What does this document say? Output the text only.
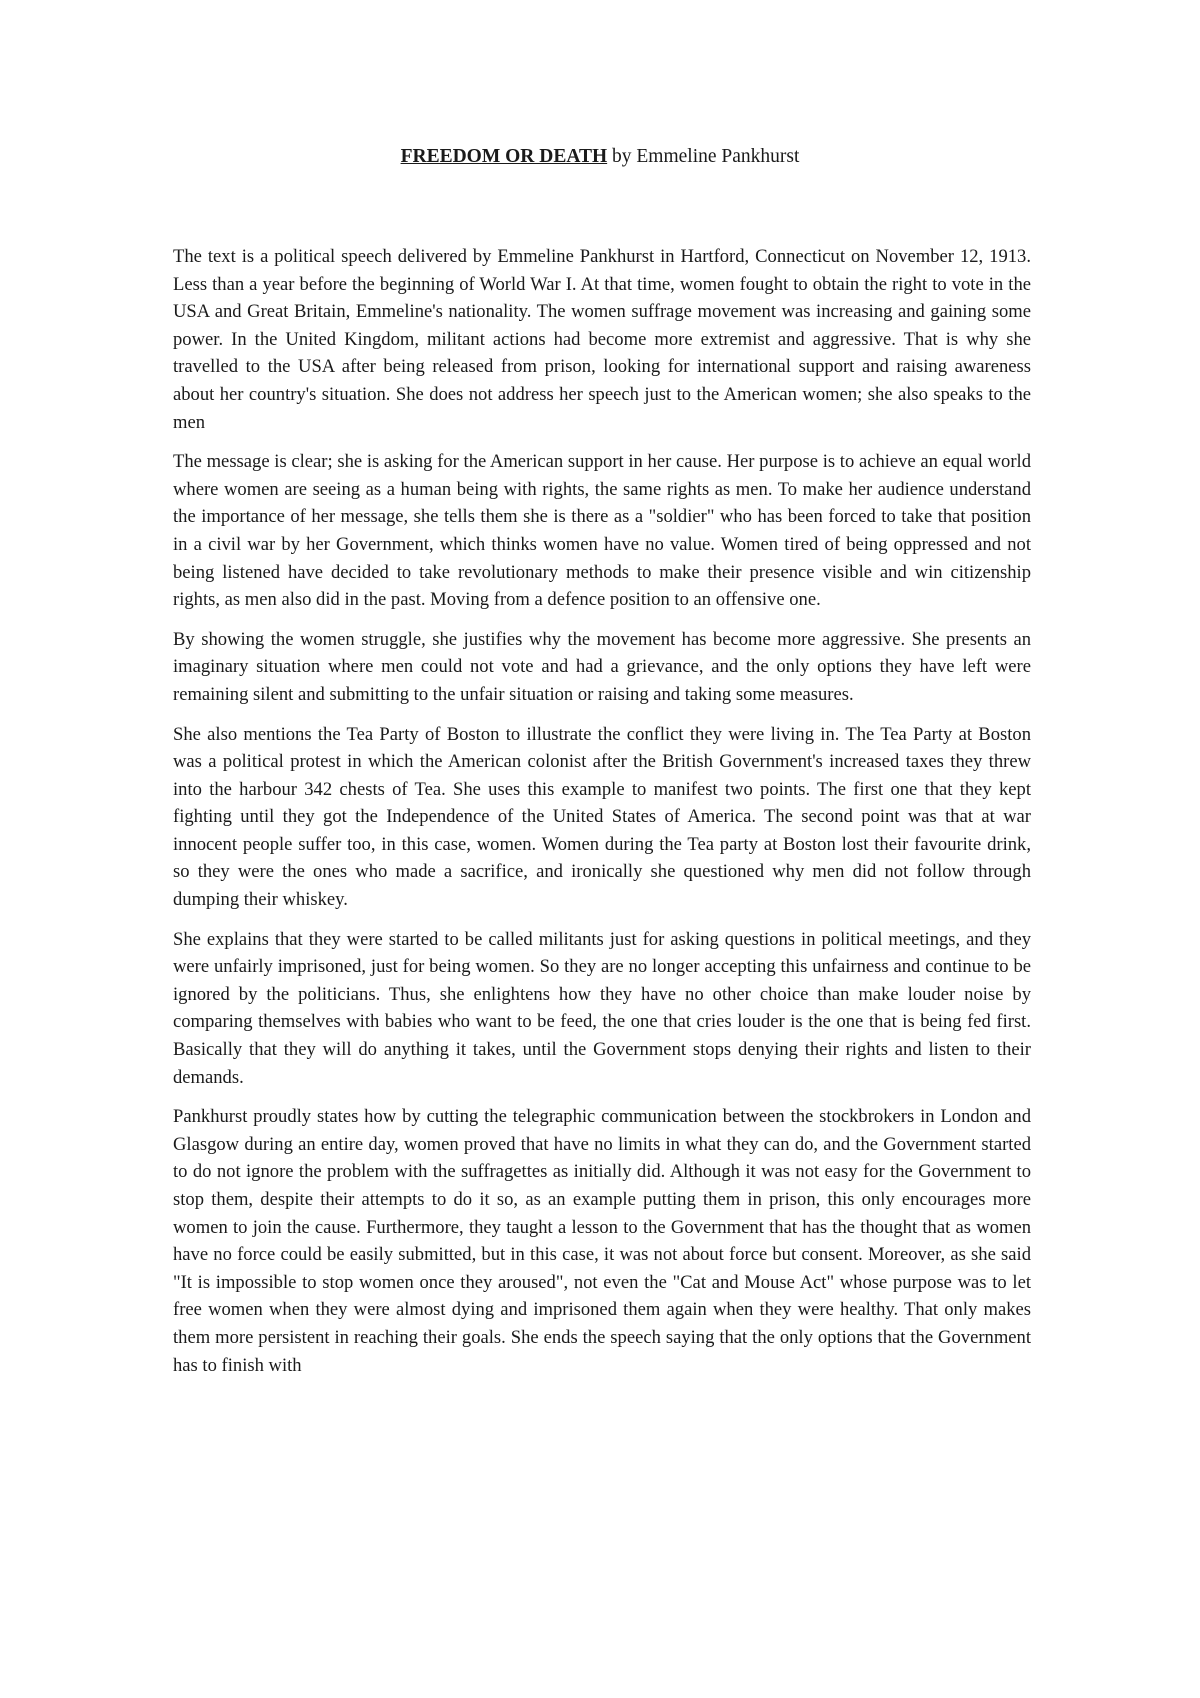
FREEDOM OR DEATH by Emmeline Pankhurst

The text is a political speech delivered by Emmeline Pankhurst in Hartford, Connecticut on November 12, 1913. Less than a year before the beginning of World War I. At that time, women fought to obtain the right to vote in the USA and Great Britain, Emmeline's nationality. The women suffrage movement was increasing and gaining some power. In the United Kingdom, militant actions had become more extremist and aggressive. That is why she travelled to the USA after being released from prison, looking for international support and raising awareness about her country's situation. She does not address her speech just to the American women; she also speaks to the men

The message is clear; she is asking for the American support in her cause. Her purpose is to achieve an equal world where women are seeing as a human being with rights, the same rights as men. To make her audience understand the importance of her message, she tells them she is there as a "soldier" who has been forced to take that position in a civil war by her Government, which thinks women have no value. Women tired of being oppressed and not being listened have decided to take revolutionary methods to make their presence visible and win citizenship rights, as men also did in the past. Moving from a defence position to an offensive one.

By showing the women struggle, she justifies why the movement has become more aggressive. She presents an imaginary situation where men could not vote and had a grievance, and the only options they have left were remaining silent and submitting to the unfair situation or raising and taking some measures.

She also mentions the Tea Party of Boston to illustrate the conflict they were living in. The Tea Party at Boston was a political protest in which the American colonist after the British Government's increased taxes they threw into the harbour 342 chests of Tea. She uses this example to manifest two points. The first one that they kept fighting until they got the Independence of the United States of America. The second point was that at war innocent people suffer too, in this case, women. Women during the Tea party at Boston lost their favourite drink, so they were the ones who made a sacrifice, and ironically she questioned why men did not follow through dumping their whiskey.

She explains that they were started to be called militants just for asking questions in political meetings, and they were unfairly imprisoned, just for being women. So they are no longer accepting this unfairness and continue to be ignored by the politicians. Thus, she enlightens how they have no other choice than make louder noise by comparing themselves with babies who want to be feed, the one that cries louder is the one that is being fed first. Basically that they will do anything it takes, until the Government stops denying their rights and listen to their demands.

Pankhurst proudly states how by cutting the telegraphic communication between the stockbrokers in London and Glasgow during an entire day, women proved that have no limits in what they can do, and the Government started to do not ignore the problem with the suffragettes as initially did. Although it was not easy for the Government to stop them, despite their attempts to do it so, as an example putting them in prison, this only encourages more women to join the cause. Furthermore, they taught a lesson to the Government that has the thought that as women have no force could be easily submitted, but in this case, it was not about force but consent. Moreover, as she said "It is impossible to stop women once they aroused", not even the "Cat and Mouse Act" whose purpose was to let free women when they were almost dying and imprisoned them again when they were healthy. That only makes them more persistent in reaching their goals. She ends the speech saying that the only options that the Government has to finish with
